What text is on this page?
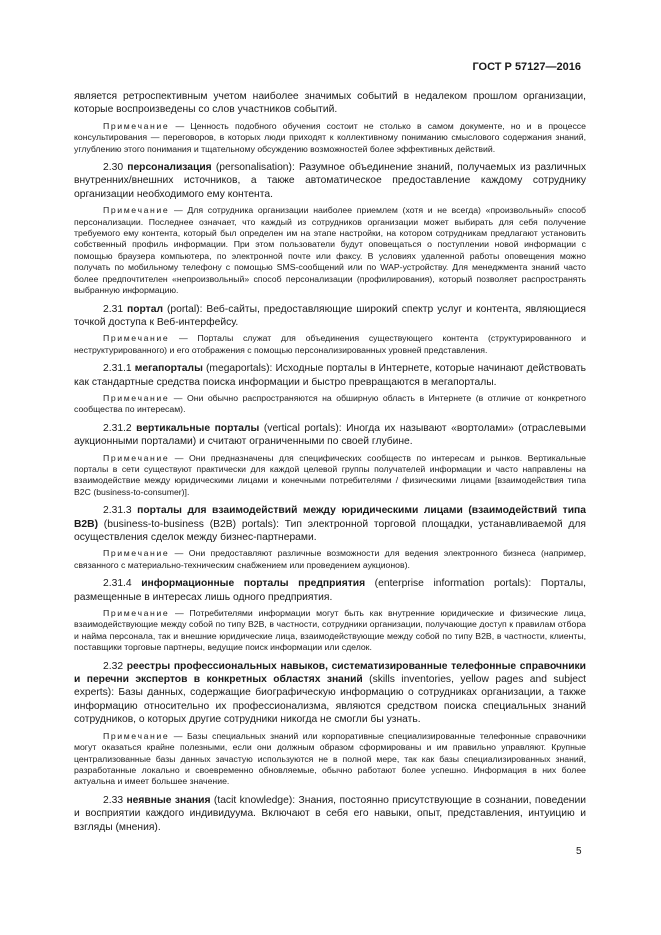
ГОСТ Р 57127—2016

является ретроспективным учетом наиболее значимых событий в недалеком прошлом организации, которые воспроизведены со слов участников событий.

Примечание — Ценность подобного обучения состоит не столько в самом документе, но и в процессе консультирования — переговоров, в которых люди приходят к коллективному пониманию смыслового содержания знаний, углублению этого понимания и тщательному обсуждению возможностей более эффективных действий.

2.30 персонализация (personalisation): Разумное объединение знаний, получаемых из различных внутренних/внешних источников, а также автоматическое предоставление каждому сотруднику организации необходимого ему контента.

Примечание — Для сотрудника организации наиболее приемлем (хотя и не всегда) «произвольный» способ персонализации. Последнее означает, что каждый из сотрудников организации может выбирать для себя получение требуемого ему контента, который был определен им на этапе настройки, на котором сотрудникам предлагают установить собственный профиль информации. При этом пользователи будут оповещаться о поступлении новой информации с помощью браузера компьютера, по электронной почте или факсу. В условиях удаленной работы оповещения можно получать по мобильному телефону с помощью SMS-сообщений или по WAP-устройству. Для менеджмента знаний часто более предпочтителен «непроизвольный» способ персонализации (профилирования), который позволяет распространять выбранную информацию.

2.31 портал (portal): Веб-сайты, предоставляющие широкий спектр услуг и контента, являющиеся точкой доступа к Веб-интерфейсу.

Примечание — Порталы служат для объединения существующего контента (структурированного и неструктурированного) и его отображения с помощью персонализированных уровней представления.

2.31.1 мегапорталы (megaportals): Исходные порталы в Интернете, которые начинают действовать как стандартные средства поиска информации и быстро превращаются в мегапорталы.

Примечание — Они обычно распространяются на обширную область в Интернете (в отличие от конкретного сообщества по интересам).

2.31.2 вертикальные порталы (vertical portals): Иногда их называют «вортолами» (отраслевыми аукционными порталами) и считают ограниченными по своей глубине.

Примечание — Они предназначены для специфических сообществ по интересам и рынков. Вертикальные порталы в сети существуют практически для каждой целевой группы получателей информации и часто направлены на взаимодействие между юридическими лицами и конечными потребителями / физическими лицами [взаимодействия типа B2C (business-to-consumer)].

2.31.3 порталы для взаимодействий между юридическими лицами (взаимодействий типа B2B) (business-to-business (B2B) portals): Тип электронной торговой площадки, устанавливаемой для осуществления сделок между бизнес-партнерами.

Примечание — Они предоставляют различные возможности для ведения электронного бизнеса (например, связанного с материально-техническим снабжением или проведением аукционов).

2.31.4 информационные порталы предприятия (enterprise information portals): Порталы, размещенные в интересах лишь одного предприятия.

Примечание — Потребителями информации могут быть как внутренние юридические и физические лица, взаимодействующие между собой по типу B2B, в частности, сотрудники организации, получающие доступ к правилам отбора и найма персонала, так и внешние юридические лица, взаимодействующие между собой по типу B2B, в частности, клиенты, поставщики торговые партнеры, ведущие поиск информации или сделок.

2.32 реестры профессиональных навыков, систематизированные телефонные справочники и перечни экспертов в конкретных областях знаний (skills inventories, yellow pages and subject experts): Базы данных, содержащие биографическую информацию о сотрудниках организации, а также информацию относительно их профессионализма, являются средством поиска специальных знаний сотрудников, о которых другие сотрудники никогда не смогли бы узнать.

Примечание — Базы специальных знаний или корпоративные специализированные телефонные справочники могут оказаться крайне полезными, если они должным образом сформированы и им правильно управляют. Крупные централизованные базы данных зачастую используются не в полной мере, так как базы специализированных знаний, разработанные локально и своевременно обновляемые, обычно работают более успешно. Информация в них более актуальна и имеет большее значение.

2.33 неявные знания (tacit knowledge): Знания, постоянно присутствующие в сознании, поведении и восприятии каждого индивидуума. Включают в себя его навыки, опыт, представления, интуицию и взгляды (мнения).

5
